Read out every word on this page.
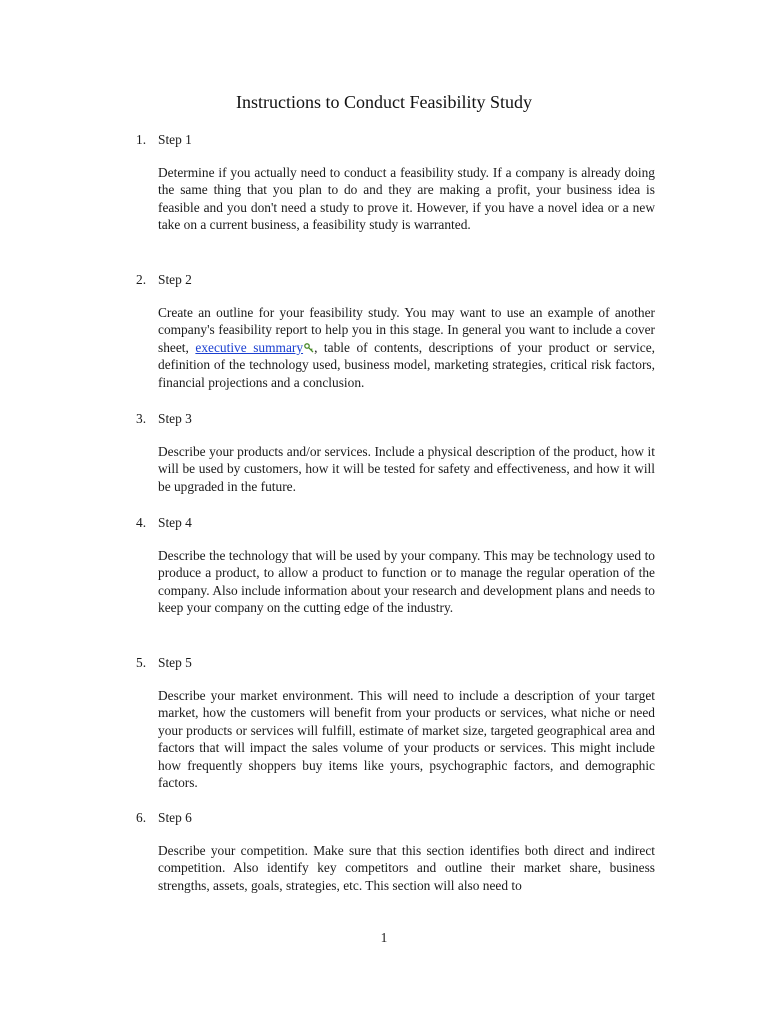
Instructions to Conduct Feasibility Study
1. Step 1
Determine if you actually need to conduct a feasibility study. If a company is already doing the same thing that you plan to do and they are making a profit, your business idea is feasible and you don't need a study to prove it. However, if you have a novel idea or a new take on a current business, a feasibility study is warranted.
2. Step 2
Create an outline for your feasibility study. You may want to use an example of another company's feasibility report to help you in this stage. In general you want to include a cover sheet, executive summary , table of contents, descriptions of your product or service, definition of the technology used, business model, marketing strategies, critical risk factors, financial projections and a conclusion.
3. Step 3
Describe your products and/or services. Include a physical description of the product, how it will be used by customers, how it will be tested for safety and effectiveness, and how it will be upgraded in the future.
4. Step 4
Describe the technology that will be used by your company. This may be technology used to produce a product, to allow a product to function or to manage the regular operation of the company. Also include information about your research and development plans and needs to keep your company on the cutting edge of the industry.
5. Step 5
Describe your market environment. This will need to include a description of your target market, how the customers will benefit from your products or services, what niche or need your products or services will fulfill, estimate of market size, targeted geographical area and factors that will impact the sales volume of your products or services. This might include how frequently shoppers buy items like yours, psychographic factors, and demographic factors.
6. Step 6
Describe your competition. Make sure that this section identifies both direct and indirect competition. Also identify key competitors and outline their market share, business strengths, assets, goals, strategies, etc. This section will also need to
1
